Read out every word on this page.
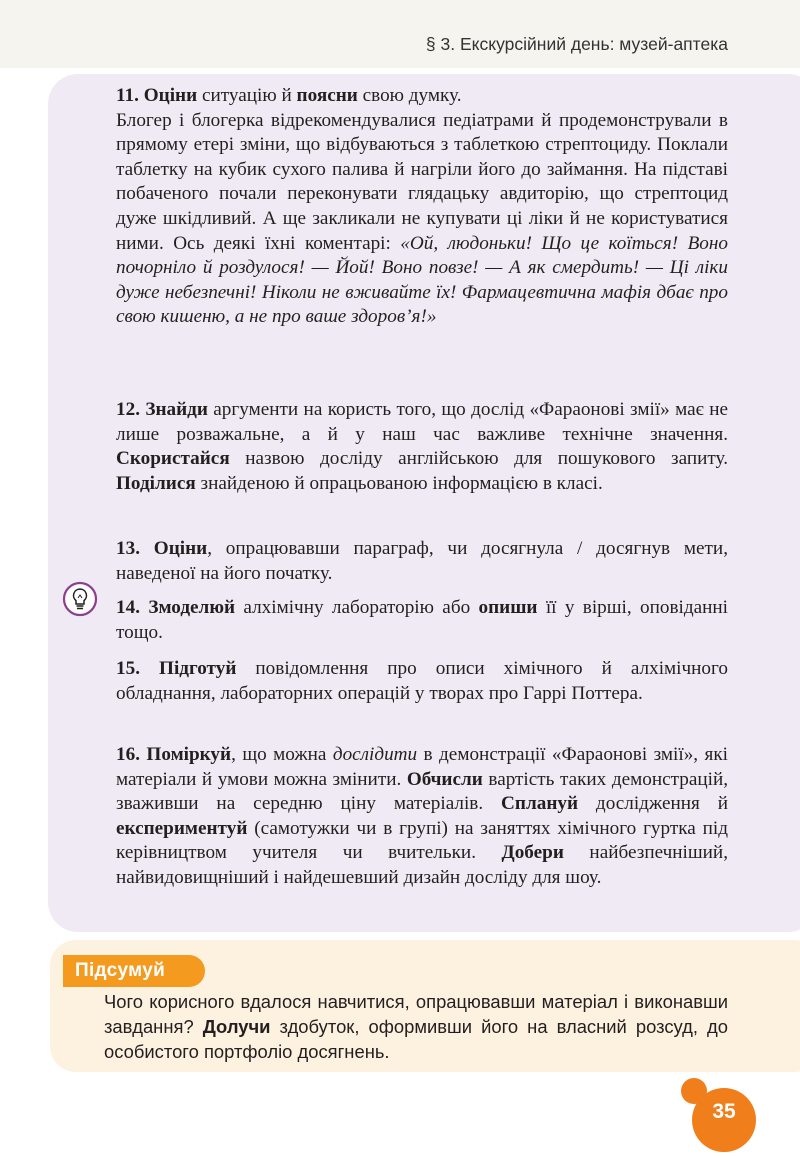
§ 3. Екскурсійний день: музей-аптека
11. Оціни ситуацію й поясни свою думку.
Блогер і блогерка відрекомендувалися педіатрами й продемонстрували в прямому етері зміни, що відбуваються з таблеткою стрептоциду. Поклали таблетку на кубик сухого палива й нагріли його до займання. На підставі побаченого почали переконувати глядацьку авдиторію, що стрептоцид дуже шкідливий. А ще закликали не купувати ці ліки й не користуватися ними. Ось деякі їхні коментарі: «Ой, людоньки! Що це коїться! Воно почорніло й роздулося! — Йой! Воно повзе! — А як смердить! — Ці ліки дуже небезпечні! Ніколи не вживайте їх! Фармацевтична мафія дбає про свою кишеню, а не про ваше здоров’я!»
12. Знайди аргументи на користь того, що дослід «Фараонові змії» має не лише розважальне, а й у наш час важливе технічне значення. Скористайся назвою досліду англійською для пошукового запиту. Поділися знайденою й опрацьованою інформацією в класі.
13. Оціни, опрацювавши параграф, чи досягнула / досягнув мети, наведеної на його початку.
14. Змоделюй алхімічну лабораторію або опиши її у вірші, оповіданні тощо.
15. Підготуй повідомлення про описи хімічного й алхімічного обладнання, лабораторних операцій у творах про Гаррі Поттера.
16. Поміркуй, що можна дослідити в демонстрації «Фараонові змії», які матеріали й умови можна змінити. Обчисли вартість таких демонстрацій, зваживши на середню ціну матеріалів. Сплануй дослідження й експериментуй (самотужки чи в групі) на заняттях хімічного гуртка під керівництвом учителя чи вчительки. Добери найбезпечніший, найвидовищніший і найдешевший дизайн досліду для шоу.
Підсумуй
Чого корисного вдалося навчитися, опрацювавши матеріал і виконавши завдання? Долучи здобуток, оформивши його на власний розсуд, до особистого портфоліо досягнень.
35
